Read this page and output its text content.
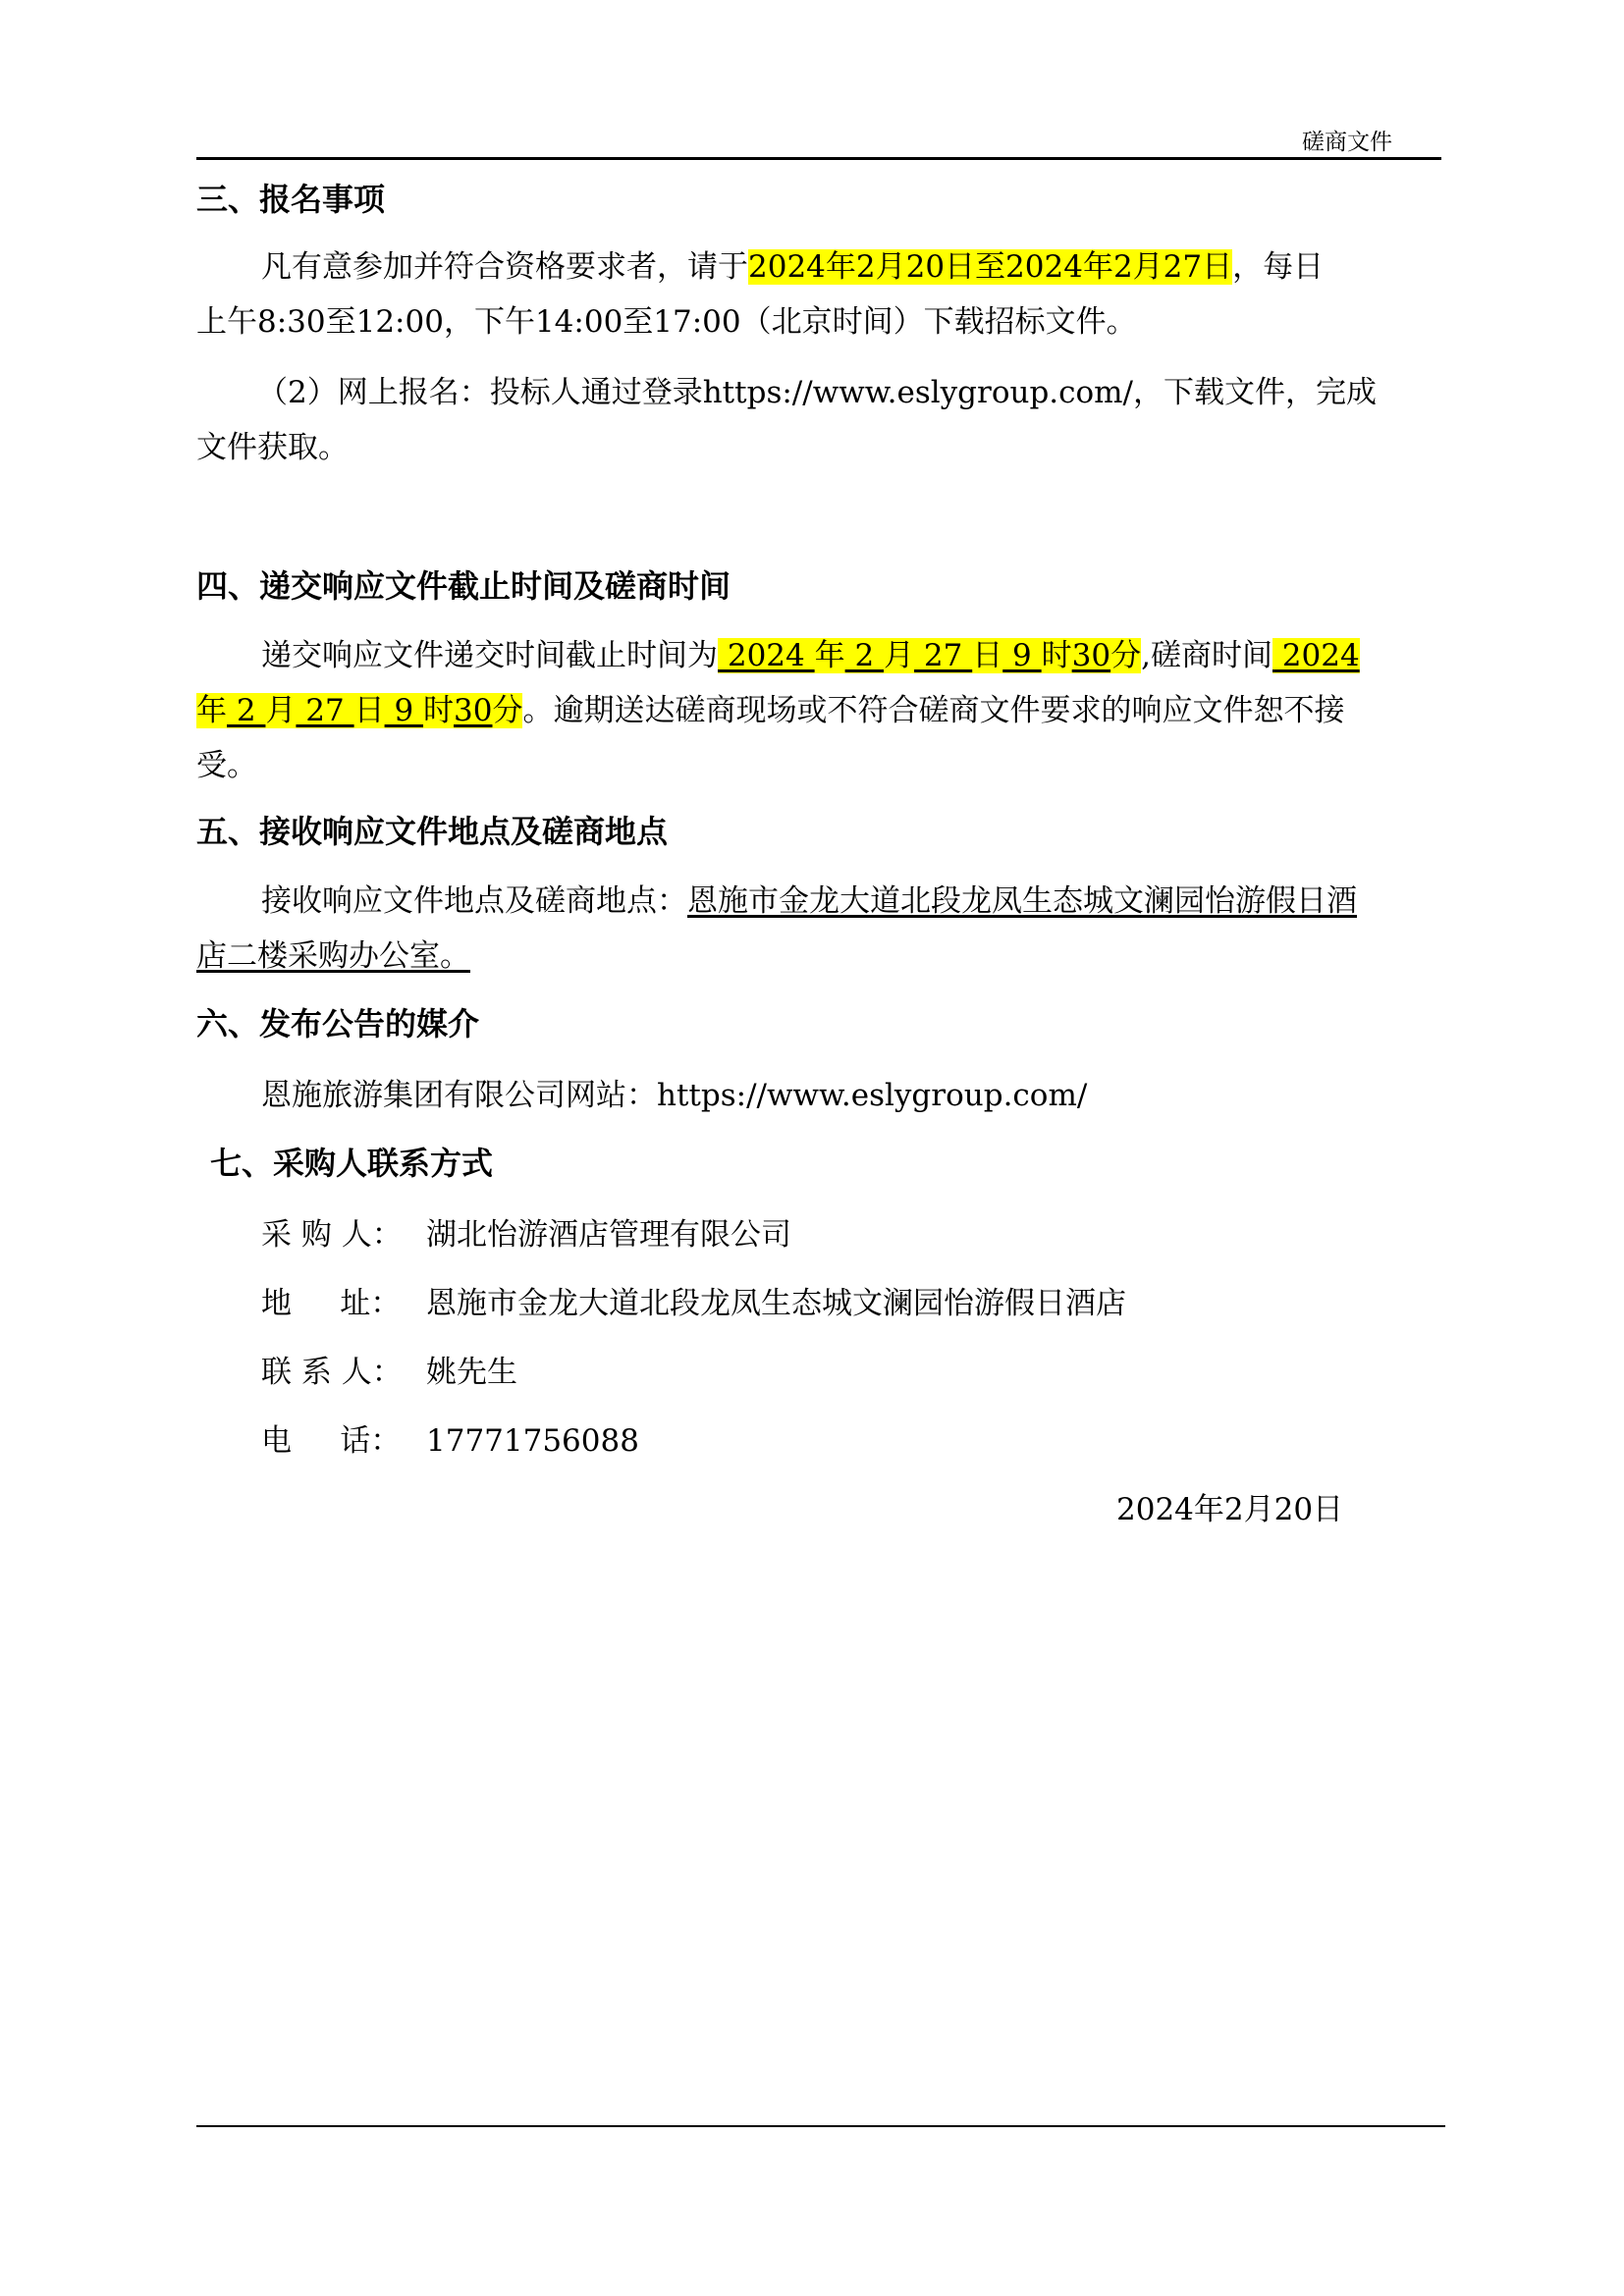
磋商文件
三、报名事项
凡有意参加并符合资格要求者，请于2024年2月20日至2024年2月27日，每日
上午8:30至12:00，下午14:00至17:00（北京时间）下载招标文件。
（2）网上报名：投标人通过登录https://www.eslygroup.com/，下载文件，完成
文件获取。
四、递交响应文件截止时间及磋商时间
递交响应文件递交时间截止时间为 2024 年 2 月 27 日 9 时30分,磋商时间 2024
年 2 月 27 日 9 时30分。逾期送达磋商现场或不符合磋商文件要求的响应文件恕不接
受。
五、接收响应文件地点及磋商地点
接收响应文件地点及磋商地点：恩施市金龙大道北段龙凤生态城文澜园怡游假日酒
店二楼采购办公室。
六、发布公告的媒介
恩施旅游集团有限公司网站：https://www.eslygroup.com/
七、采购人联系方式
采 购 人： 湖北怡游酒店管理有限公司
地     址： 恩施市金龙大道北段龙凤生态城文澜园怡游假日酒店
联 系 人： 姚先生
电     话： 17771756088
2024年2月20日
